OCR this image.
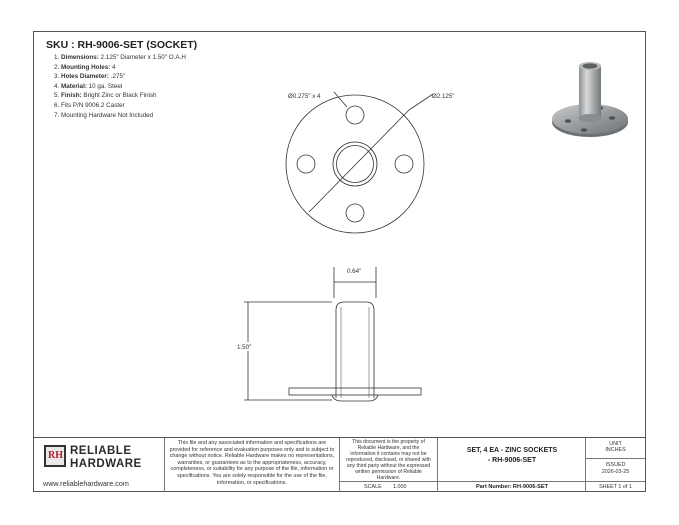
SKU : RH-9006-SET (SOCKET)
1. Dimensions: 2.125" Diameter x 1.50" O.A.H
2. Mounting Holes: 4
3. Holes Diameter: .275"
4. Material: 10 ga. Steel
5. Finish: Bright Zinc or Black Finish
6. Fits P/N 9006.2 Caster
7. Mounting Hardware Not Included
Ø0.275" x 4	Ø2.125"
0.64"
1.50"
RH RELIABLE
HARDWARE
www.reliablehardware.com
This file and any associated information and specifications are provided for reference and evaluation purposes only and is subject to change without notice. Reliable Hardware makes no representations, warranties, or guarantees as to the appropriateness, accuracy, completeness, or suitability for any purpose of the file, information or specifications. You are solely responsible for the use of the file, information, or specifications.
This document is the property of Reliable Hardware, and the information it contains may not be reproduced, disclosed, or shared with any third party without the expressed written permission of Reliable Hardware.
SCALE 1.000
SET, 4 EA - ZINC SOCKETS
- RH-9006-SET
Part Number: RH-9006-SET
UNIT
INCHES
ISSUED
2026-03-25
SHEET 1 of 1
